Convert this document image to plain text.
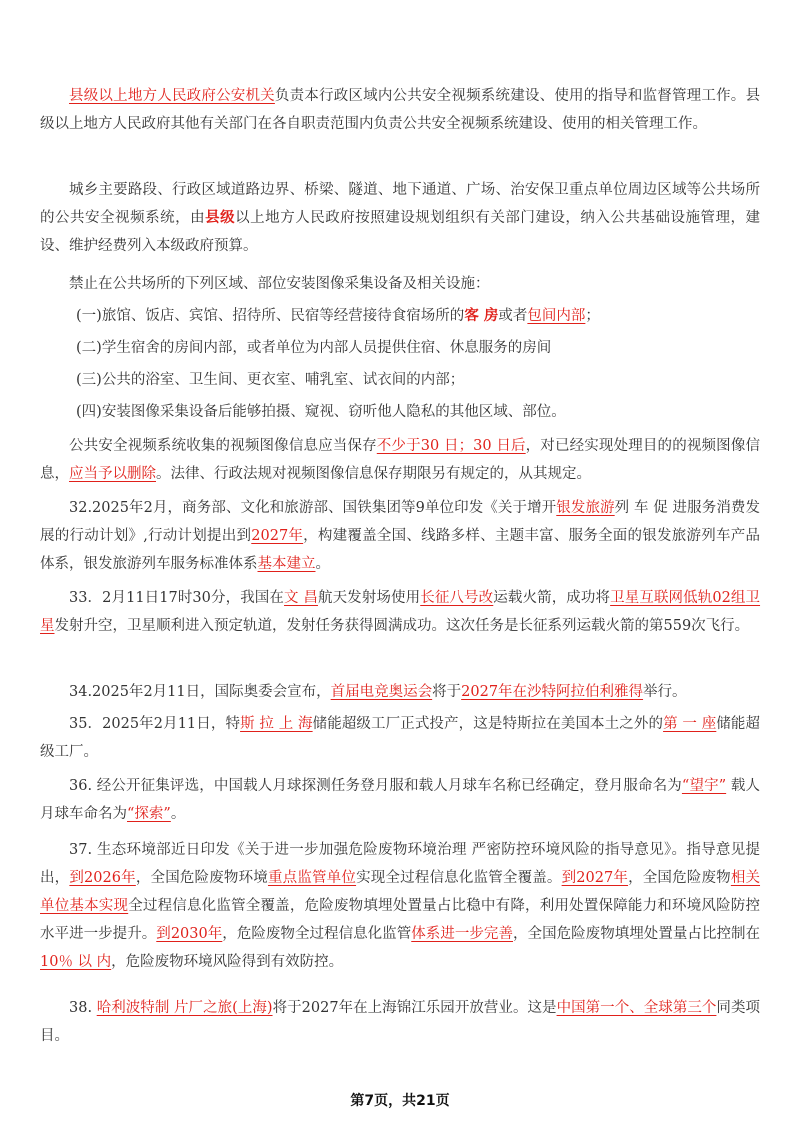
县级以上地方人民政府公安机关负责本行政区域内公共安全视频系统建设、使用的指导和监督管理工作。县级以上地方人民政府其他有关部门在各自职责范围内负责公共安全视频系统建设、使用的相关管理工作。

城乡主要路段、行政区域道路边界、桥梁、隧道、地下通道、广场、治安保卫重点单位周边区域等公共场所的公共安全视频系统，由县级以上地方人民政府按照建设规划组织有关部门建设，纳入公共基础设施管理，建设、维护经费列入本级政府预算。

禁止在公共场所的下列区域、部位安装图像采集设备及相关设施：

(一)旅馆、饭店、宾馆、招待所、民宿等经营接待食宿场所的客 房或者包间内部；

(二)学生宿舍的房间内部，或者单位为内部人员提供住宿、休息服务的房间

(三)公共的浴室、卫生间、更衣室、哺乳室、试衣间的内部；

(四)安装图像采集设备后能够拍摄、窥视、窃听他人隐私的其他区域、部位。

公共安全视频系统收集的视频图像信息应当保存不少于30 日；30 日后，对已经实现处理目的的视频图像信息，应当予以删除。法律、行政法规对视频图像信息保存期限另有规定的，从其规定。

32.2025年2月，商务部、文化和旅游部、国铁集团等9单位印发《关于增开银发旅游列 车 促 进服务消费发展的行动计划》,行动计划提出到2027年，构建覆盖全国、线路多样、主题丰富、服务全面的银发旅游列车产品体系，银发旅游列车服务标准体系基本建立。

33．2月11日17时30分，我国在文 昌航天发射场使用长征八号改运载火箭，成功将卫星互联网低轨02组卫星发射升空，卫星顺利进入预定轨道，发射任务获得圆满成功。这次任务是长征系列运载火箭的第559次飞行。

34.2025年2月11日，国际奥委会宣布，首届电竞奥运会将于2027年在沙特阿拉伯利雅得举行。

35．2025年2月11日，特斯 拉 上 海储能超级工厂正式投产，这是特斯拉在美国本土之外的第 一 座储能超级工厂。

36. 经公开征集评选，中国载人月球探测任务登月服和载人月球车名称已经确定，登月服命名为“望宇” 载人月球车命名为“探索”。

37. 生态环境部近日印发《关于进一步加强危险废物环境治理 严密防控环境风险的指导意见》。指导意见提出，到2026年，全国危险废物环境重点监管单位实现全过程信息化监管全覆盖。到2027年，全国危险废物相关单位基本实现全过程信息化监管全覆盖，危险废物填埋处置量占比稳中有降，利用处置保障能力和环境风险防控水平进一步提升。到2030年，危险废物全过程信息化监管体系进一步完善，全国危险废物填埋处置量占比控制在10％ 以 内，危险废物环境风险得到有效防控。

38. 哈利波特制 片厂之旅(上海)将于2027年在上海锦江乐园开放营业。这是中国第一个、全球第三个同类项目。

第7页，共21页
